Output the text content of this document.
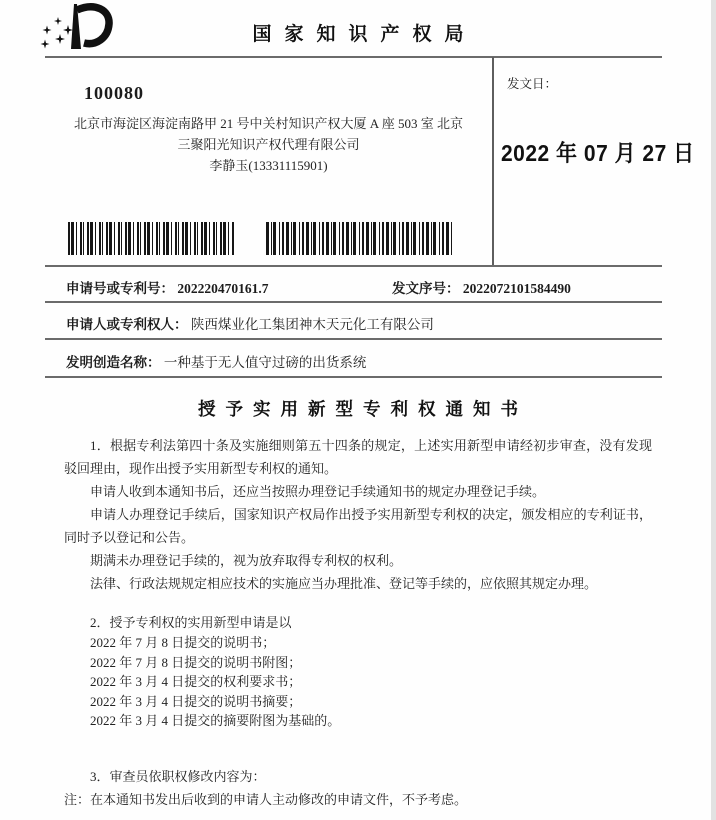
国家知识产权局
100080
北京市海淀区海淀南路甲 21 号中关村知识产权大厦 A 座 503 室 北京
三聚阳光知识产权代理有限公司
李静玉(13331115901)
发文日：
2022 年 07 月 27 日
申请号或专利号： 202220470161.7	发文序号： 2022072101584490
申请人或专利权人： 陕西煤业化工集团神木天元化工有限公司
发明创造名称： 一种基于无人值守过磅的出货系统
授予实用新型专利权通知书

1．根据专利法第四十条及实施细则第五十四条的规定，上述实用新型申请经初步审查，没有发现驳回理由，现作出授予实用新型专利权的通知。

申请人收到本通知书后，还应当按照办理登记手续通知书的规定办理登记手续。

申请人办理登记手续后，国家知识产权局作出授予实用新型专利权的决定，颁发相应的专利证书，同时予以登记和公告。

期满未办理登记手续的，视为放弃取得专利权的权利。

法律、行政法规规定相应技术的实施应当办理批准、登记等手续的，应依照其规定办理。

2．授予专利权的实用新型申请是以

2022 年 7 月 8 日提交的说明书；
2022 年 7 月 8 日提交的说明书附图；
2022 年 3 月 4 日提交的权利要求书；
2022 年 3 月 4 日提交的说明书摘要；
2022 年 3 月 4 日提交的摘要附图为基础的。

3．审查员依职权修改内容为：

注：在本通知书发出后收到的申请人主动修改的申请文件，不予考虑。
